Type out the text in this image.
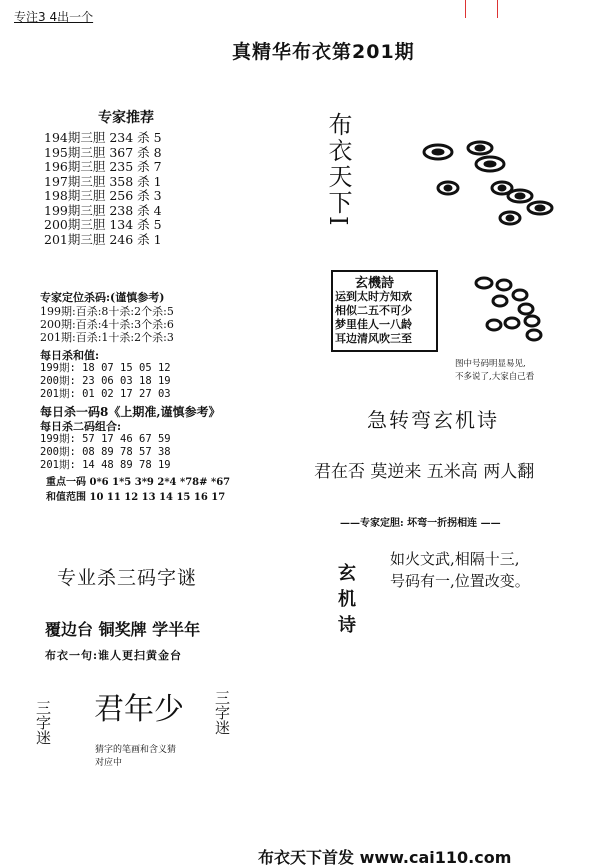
专注3 4出一个
真精华布衣第201期
专家推荐
194期三胆 234 杀 5
195期三胆 367 杀 8
196期三胆 235 杀 7
197期三胆 358 杀 1
198期三胆 256 杀 3
199期三胆 238 杀 4
200期三胆 134 杀 5
201期三胆 246 杀 1
专家定位杀码:(谨慎参考)
199期:百杀:8十杀:2个杀:5
200期:百杀:4十杀:3个杀:6
201期:百杀:1十杀:2个杀:3
每日杀和值:
199期: 18 07 15 05 12
200期: 23 06 03 18 19
201期: 01 02 17 27 03
每日杀一码8《上期准,谨慎参考》
每日杀二码组合:
199期: 57 17 46 67 59
200期: 08 89 78 57 38
201期: 14 48 89 78 19
重点一码 0*6 1*5 3*9 2*4 *78# *67
和值范围 10 11 12 13 14 15 16 17
专业杀三码字谜
覆边台 铜奖牌 学半年
布衣一句:谁人更扫黄金台
三字迷 君年少 三字迷
猜字的笔画和含义猜
对应中
布衣天下I
玄機詩
运到太时方知欢
相似二五不可少
梦里佳人一八龄
耳边清风吹三至
图中号码明显易见,
不多说了,大家自己看
急转弯玄机诗
君在否 莫逆来 五米高 两人翻
——专家定胆: 坏弯一折拐相连 ——
玄机诗
如火文武,相隔十三,
号码有一,位置改变。
布衣天下首发 www.cai110.com
